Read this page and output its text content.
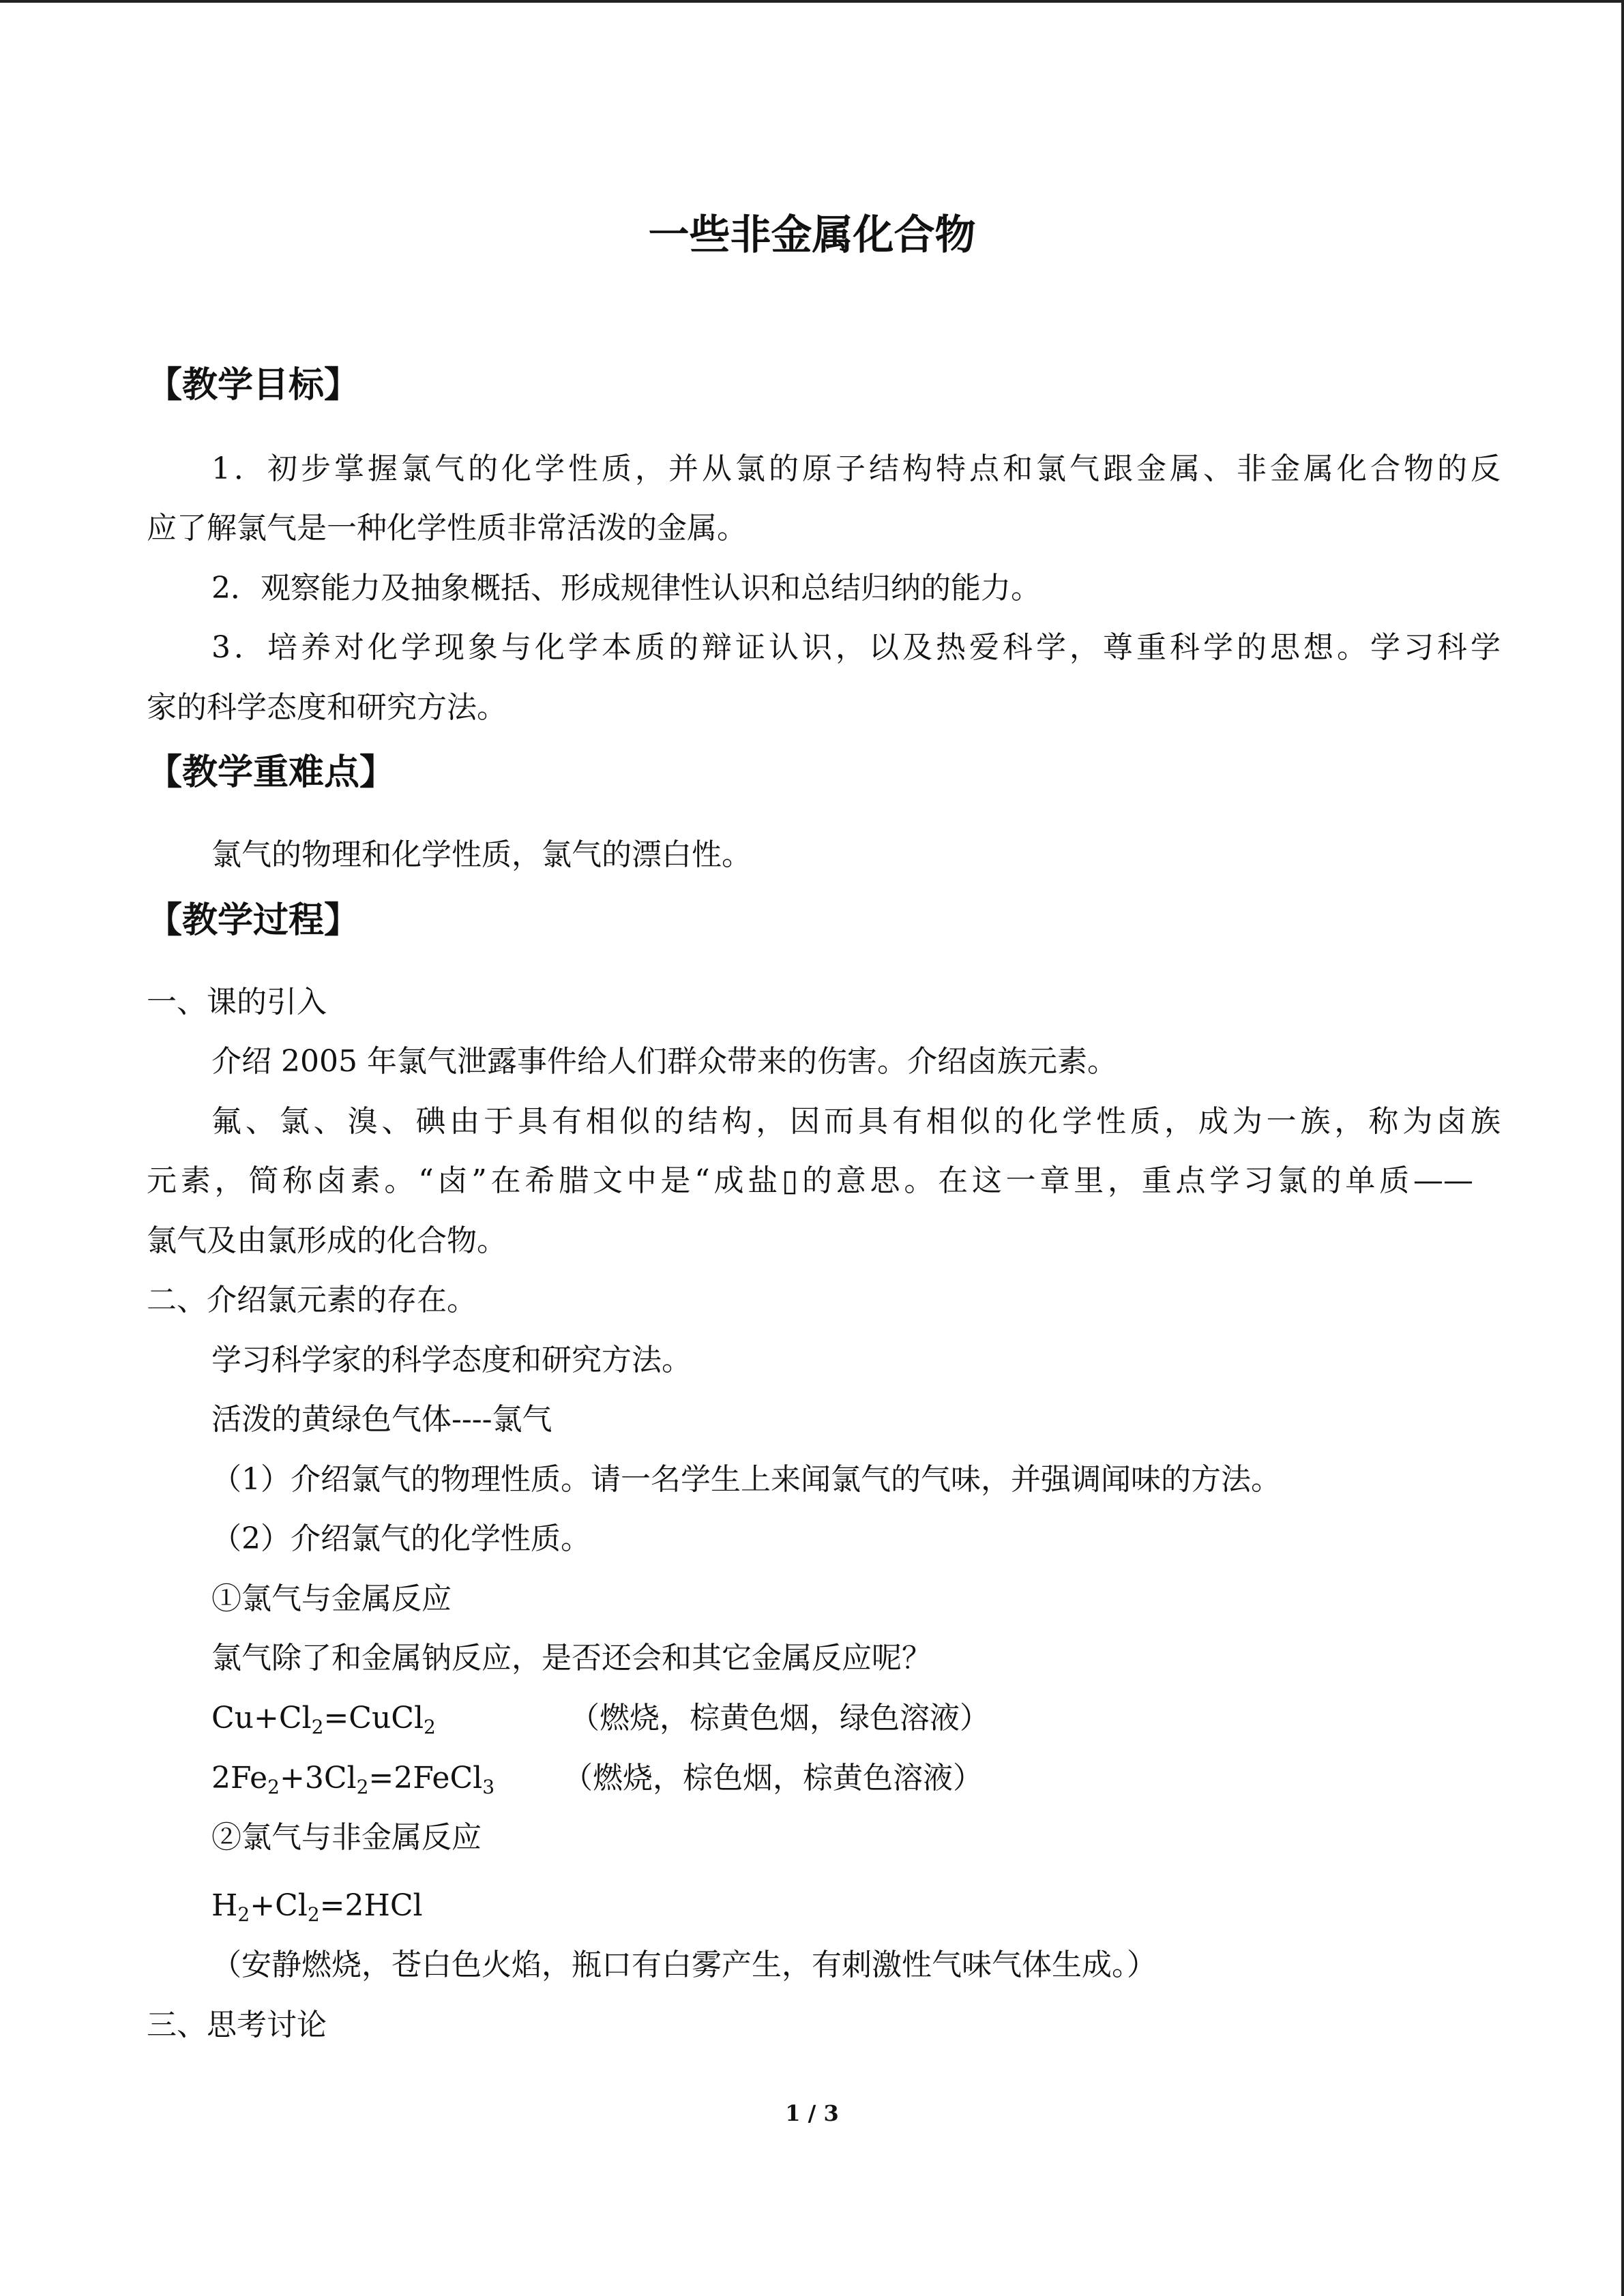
一些非金属化合物
【教学目标】
1．初步掌握氯气的化学性质，并从氯的原子结构特点和氯气跟金属、非金属化合物的反
应了解氯气是一种化学性质非常活泼的金属。
2．观察能力及抽象概括、形成规律性认识和总结归纳的能力。
3．培养对化学现象与化学本质的辩证认识，以及热爱科学，尊重科学的思想。学习科学
家的科学态度和研究方法。
【教学重难点】
氯气的物理和化学性质，氯气的漂白性。
【教学过程】
一、课的引入
介绍 2005 年氯气泄露事件给人们群众带来的伤害。介绍卤族元素。
氟、氯、溴、碘由于具有相似的结构，因而具有相似的化学性质，成为一族，称为卤族
元素，简称卤素。“卤”在希腊文中是“成盐▯的意思。在这一章里，重点学习氯的单质——
氯气及由氯形成的化合物。
二、介绍氯元素的存在。
学习科学家的科学态度和研究方法。
活泼的黄绿色气体----氯气
（1）介绍氯气的物理性质。请一名学生上来闻氯气的气味，并强调闻味的方法。
（2）介绍氯气的化学性质。
①氯气与金属反应
氯气除了和金属钠反应，是否还会和其它金属反应呢？
$Cu+Cl_2=CuCl_2$	（燃烧，棕黄色烟，绿色溶液）
$2Fe_2+3Cl_2=2FeCl_3$ （燃烧，棕色烟，棕黄色溶液）
②氯气与非金属反应
$H_2+Cl_2=2HCl$
（安静燃烧，苍白色火焰，瓶口有白雾产生，有刺激性气味气体生成。）
三、思考讨论
1 / 3
